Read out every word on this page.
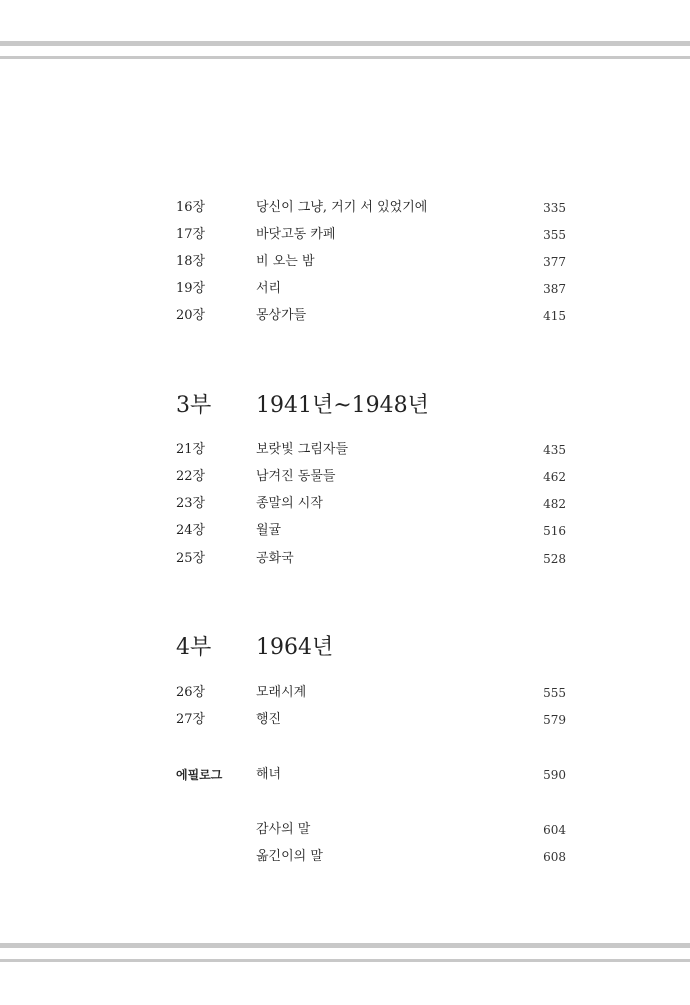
16장	당신이 그냥, 거기 서 있었기에	335
17장	바닷고동 카페	355
18장	비 오는 밤	377
19장	서리	387
20장	몽상가들	415
3부 1941년~1948년
21장	보랏빛 그림자들	435
22장	남겨진 동물들	462
23장	종말의 시작	482
24장	월귤	516
25장	공화국	528
4부 1964년
26장	모래시계	555
27장	행진	579
에필로그	해녀	590
감사의 말	604
옮긴이의 말	608
